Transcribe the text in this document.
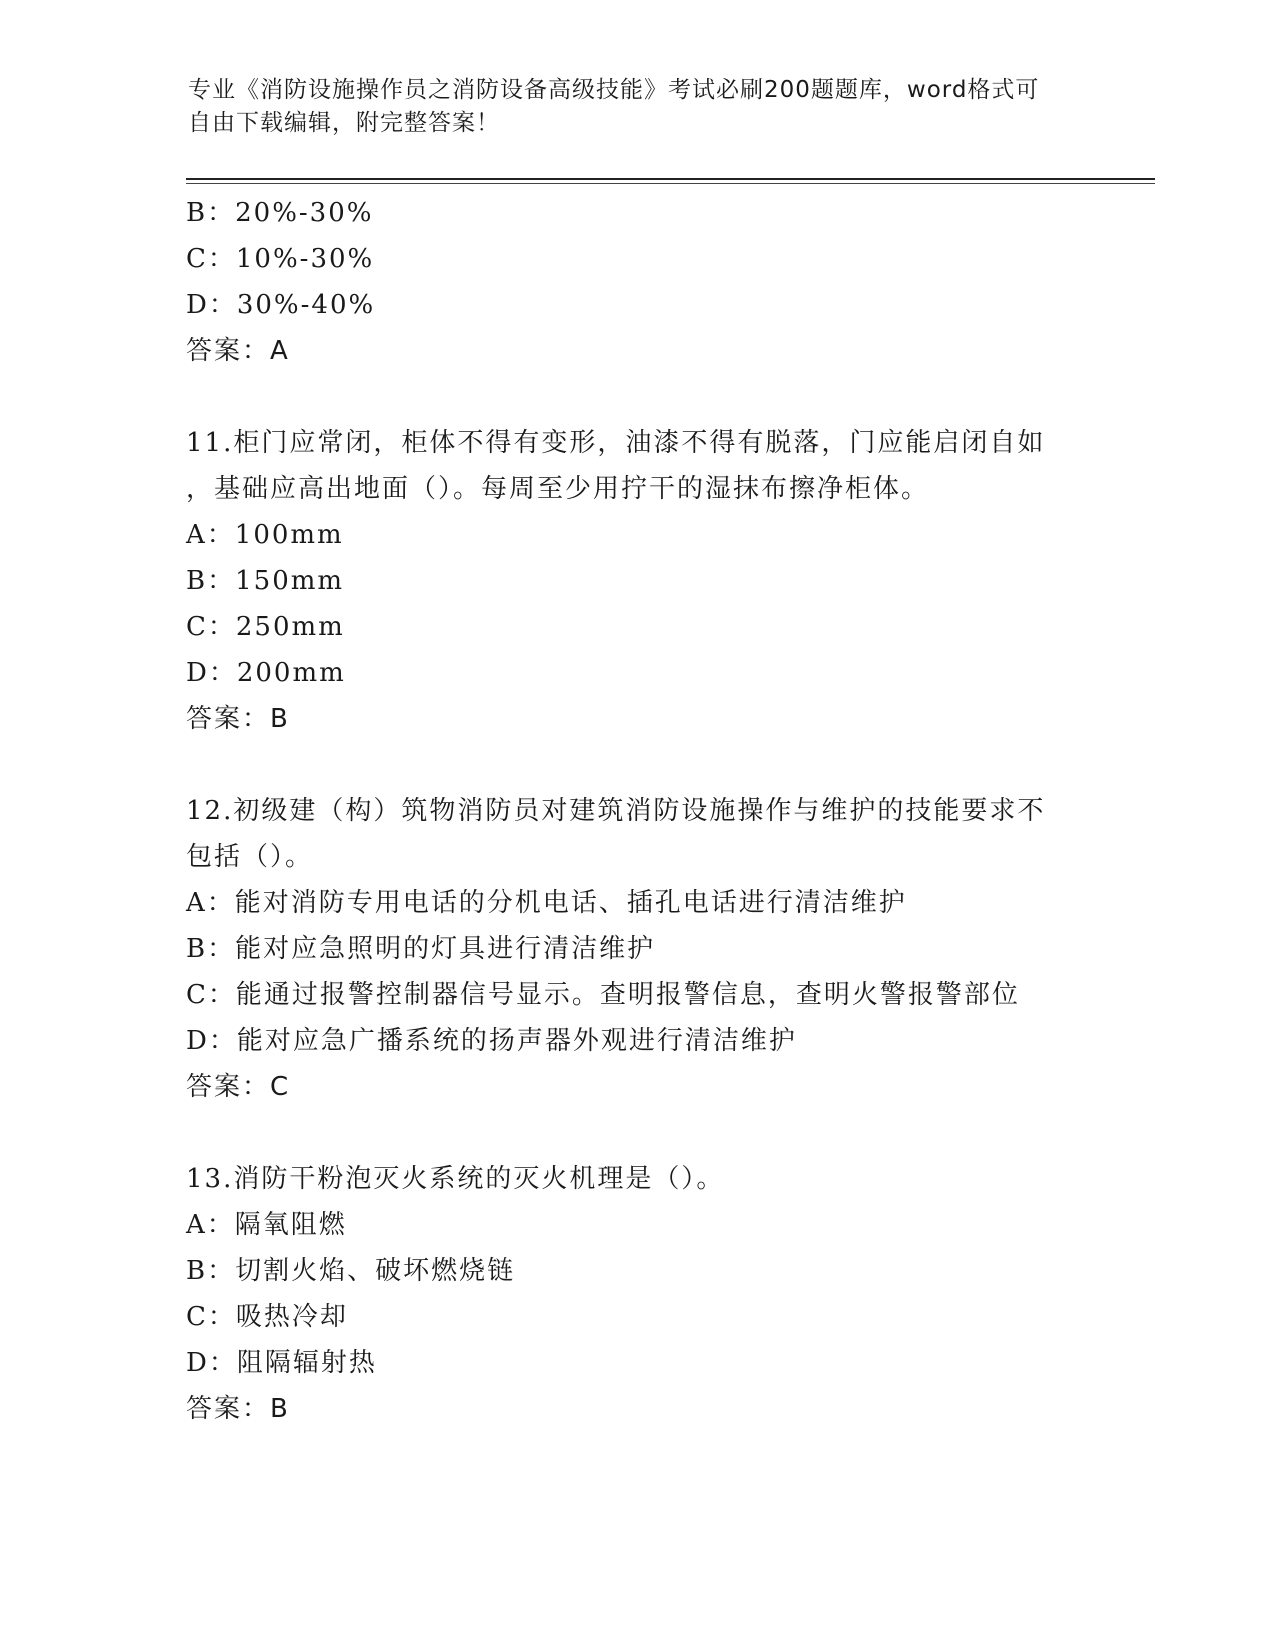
专业《消防设施操作员之消防设备高级技能》考试必刷200题题库，word格式可
自由下载编辑，附完整答案！
B：20%-30%
C：10%-30%
D：30%-40%
答案：A
11.柜门应常闭，柜体不得有变形，油漆不得有脱落，门应能启闭自如
，基础应高出地面（）。每周至少用拧干的湿抹布擦净柜体。
A：100mm
B：150mm
C：250mm
D：200mm
答案：B
12.初级建（构）筑物消防员对建筑消防设施操作与维护的技能要求不
包括（）。
A：能对消防专用电话的分机电话、插孔电话进行清洁维护
B：能对应急照明的灯具进行清洁维护
C：能通过报警控制器信号显示。查明报警信息，查明火警报警部位
D：能对应急广播系统的扬声器外观进行清洁维护
答案：C
13.消防干粉泡灭火系统的灭火机理是（）。
A：隔氧阻燃
B：切割火焰、破坏燃烧链
C：吸热冷却
D：阻隔辐射热
答案：B
